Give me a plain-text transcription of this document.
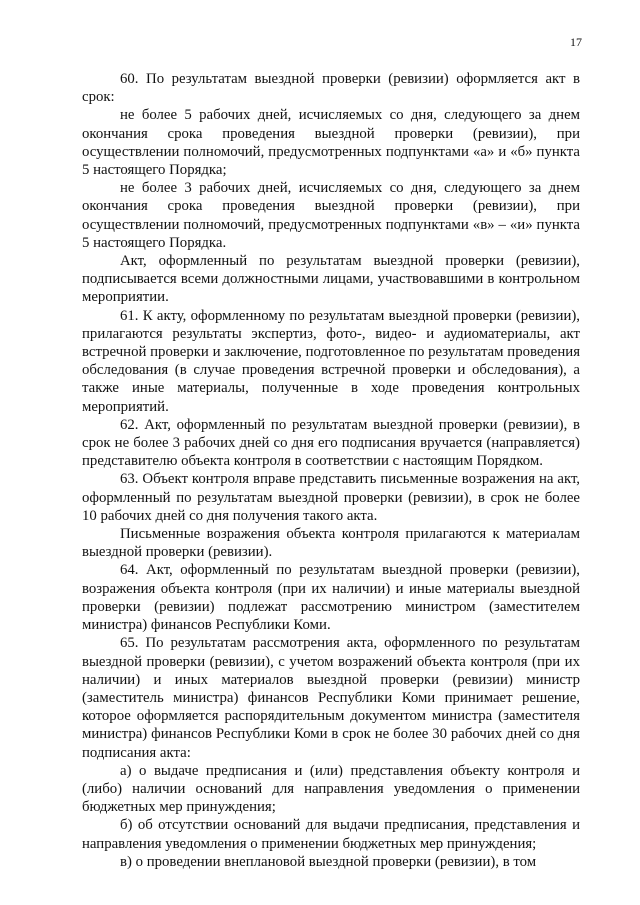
17

60. По результатам выездной проверки (ревизии) оформляется акт в срок:

не более 5 рабочих дней, исчисляемых со дня, следующего за днем окончания срока проведения выездной проверки (ревизии), при осуществлении полномочий, предусмотренных подпунктами «а» и «б» пункта 5 настоящего Порядка;

не более 3 рабочих дней, исчисляемых со дня, следующего за днем окончания срока проведения выездной проверки (ревизии), при осуществлении полномочий, предусмотренных подпунктами «в» – «и» пункта 5 настоящего Порядка.

Акт, оформленный по результатам выездной проверки (ревизии), подписывается всеми должностными лицами, участвовавшими в контрольном мероприятии.

61. К акту, оформленному по результатам выездной проверки (ревизии), прилагаются результаты экспертиз, фото-, видео- и аудиоматериалы, акт встречной проверки и заключение, подготовленное по результатам проведения обследования (в случае проведения встречной проверки и обследования), а также иные материалы, полученные в ходе проведения контрольных мероприятий.

62. Акт, оформленный по результатам выездной проверки (ревизии), в срок не более 3 рабочих дней со дня его подписания вручается (направляется) представителю объекта контроля в соответствии с настоящим Порядком.

63. Объект контроля вправе представить письменные возражения на акт, оформленный по результатам выездной проверки (ревизии), в срок не более 10 рабочих дней со дня получения такого акта.

Письменные возражения объекта контроля прилагаются к материалам выездной проверки (ревизии).

64. Акт, оформленный по результатам выездной проверки (ревизии), возражения объекта контроля (при их наличии) и иные материалы выездной проверки (ревизии) подлежат рассмотрению министром (заместителем министра) финансов Республики Коми.

65. По результатам рассмотрения акта, оформленного по результатам выездной проверки (ревизии), с учетом возражений объекта контроля (при их наличии) и иных материалов выездной проверки (ревизии) министр (заместитель министра) финансов Республики Коми принимает решение, которое оформляется распорядительным документом министра (заместителя министра) финансов Республики Коми в срок не более 30 рабочих дней со дня подписания акта:

а) о выдаче предписания и (или) представления объекту контроля и (либо) наличии оснований для направления уведомления о применении бюджетных мер принуждения;

б) об отсутствии оснований для выдачи предписания, представления и направления уведомления о применении бюджетных мер принуждения;

в) о проведении внеплановой выездной проверки (ревизии), в том
